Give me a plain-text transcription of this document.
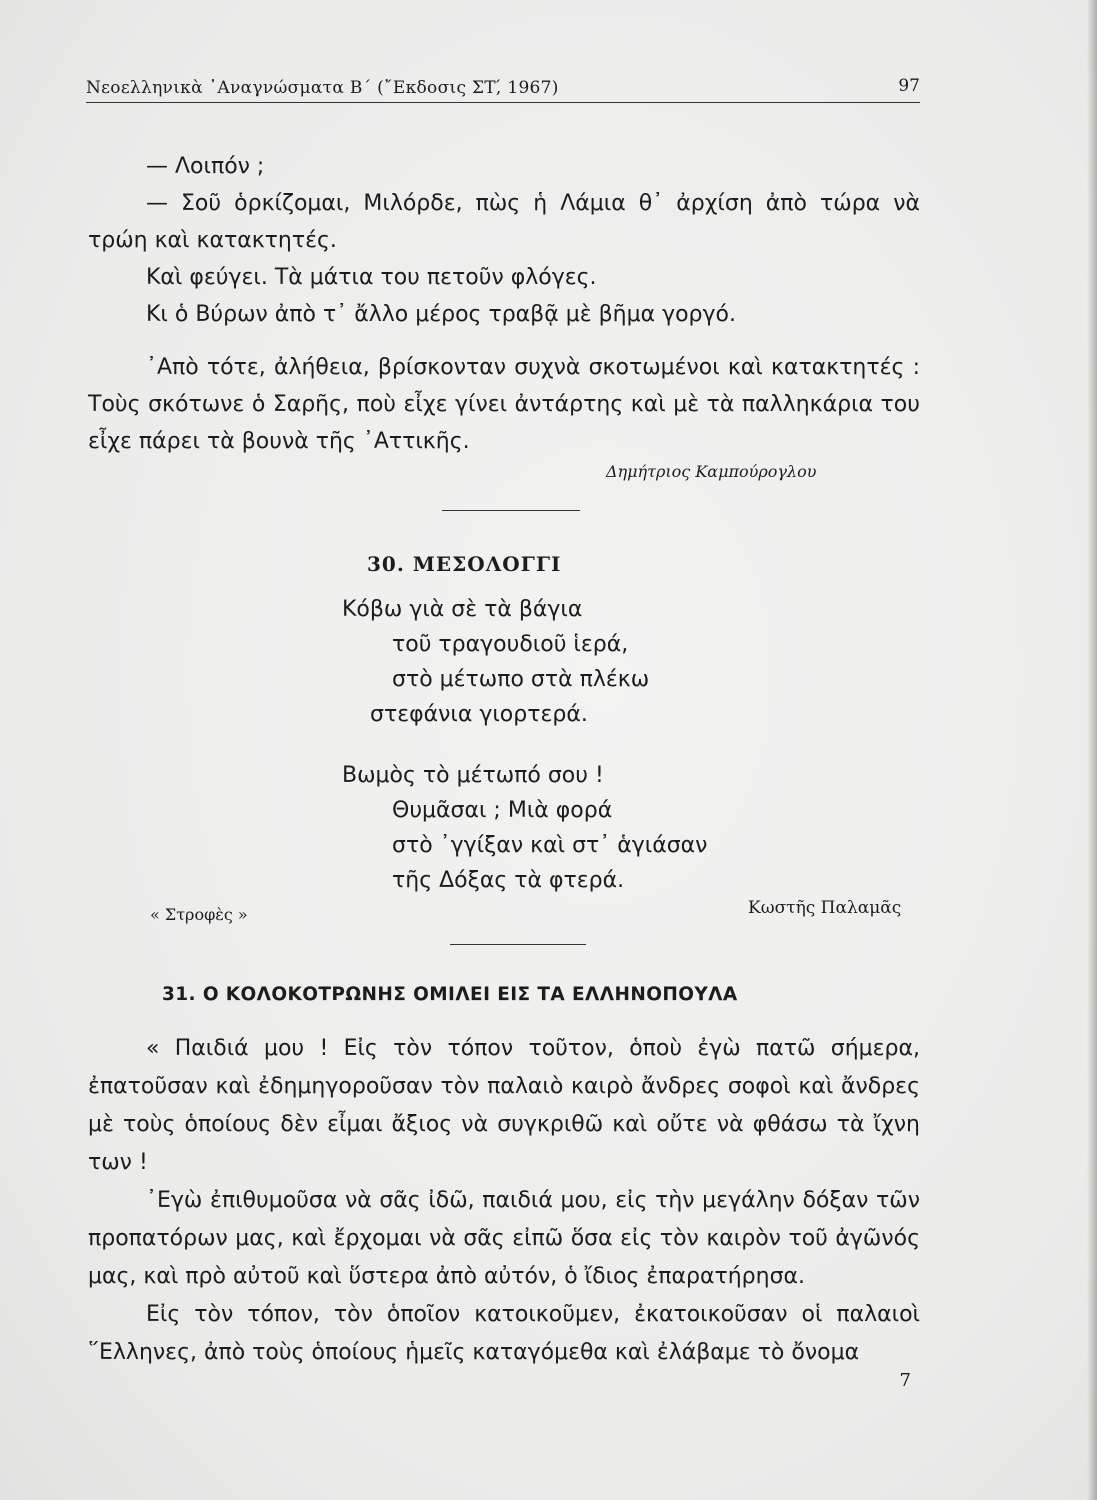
Νεοελληνικὰ ᾿Αναγνώσματα Β΄ (῎Εκδοσις ΣΤ,́ 1967)	97

— Λοιπόν ;

— Σοῦ ὁρκίζομαι, Μιλόρδε, πὼς ἡ Λάμια θ᾿ ἀρχίση ἀπὸ τώρα νὰ τρώη καὶ κατακτητές.

Καὶ φεύγει. Τὰ μάτια του πετοῦν φλόγες.

Κι ὁ Βύρων ἀπὸ τ᾿ ἄλλο μέρος τραβᾷ μὲ βῆμα γοργό.

᾿Απὸ τότε, ἀλήθεια, βρίσκονταν συχνὰ σκοτωμένοι καὶ κατακτητές : Τοὺς σκότωνε ὁ Σαρῆς, ποὺ εἶχε γίνει ἀντάρτης καὶ μὲ τὰ παλληκάρια του εἶχε πάρει τὰ βουνὰ τῆς ᾿Αττικῆς.

Δημήτριος Καμπούρογλου
30. ΜΕΣΟΛΟΓΓΙ
Κόβω γιὰ σὲ τὰ βάγια
τοῦ τραγουδιοῦ ἱερά,
στὸ μέτωπο στὰ πλέκω
στεφάνια γιορτερά.
Βωμὸς τὸ μέτωπό σου !
Θυμᾶσαι ; Μιὰ φορά
στὸ ᾿γγίξαν καὶ στ᾿ ἁγιάσαν
τῆς Δόξας τὰ φτερά.
« Στροφὲς »	Κωστῆς Παλαμᾶς
31. Ο ΚΟΛΟΚΟΤΡΩΝΗΣ ΟΜΙΛΕΙ ΕΙΣ ΤΑ ΕΛΛΗΝΟΠΟΥΛΑ

« Παιδιά μου ! Εἰς τὸν τόπον τοῦτον, ὁποὺ ἐγὼ πατῶ σήμερα, ἐπατοῦσαν καὶ ἐδημηγοροῦσαν τὸν παλαιὸ καιρὸ ἄνδρες σοφοὶ καὶ ἄνδρες μὲ τοὺς ὁποίους δὲν εἶμαι ἄξιος νὰ συγκριθῶ καὶ οὔτε νὰ φθάσω τὰ ἴχνη των !

᾿Εγὼ ἐπιθυμοῦσα νὰ σᾶς ἰδῶ, παιδιά μου, εἰς τὴν μεγάλην δόξαν τῶν προπατόρων μας, καὶ ἔρχομαι νὰ σᾶς εἰπῶ ὅσα εἰς τὸν καιρὸν τοῦ ἀγῶνός μας, καὶ πρὸ αὐτοῦ καὶ ὕστερα ἀπὸ αὐτόν, ὁ ἴδιος ἐπαρατήρησα.

Εἰς τὸν τόπον, τὸν ὁποῖον κατοικοῦμεν, ἐκατοικοῦσαν οἱ παλαιοὶ ῞Ελληνες, ἀπὸ τοὺς ὁποίους ἡμεῖς καταγόμεθα καὶ ἐλάβαμε τὸ ὄνομα

7
